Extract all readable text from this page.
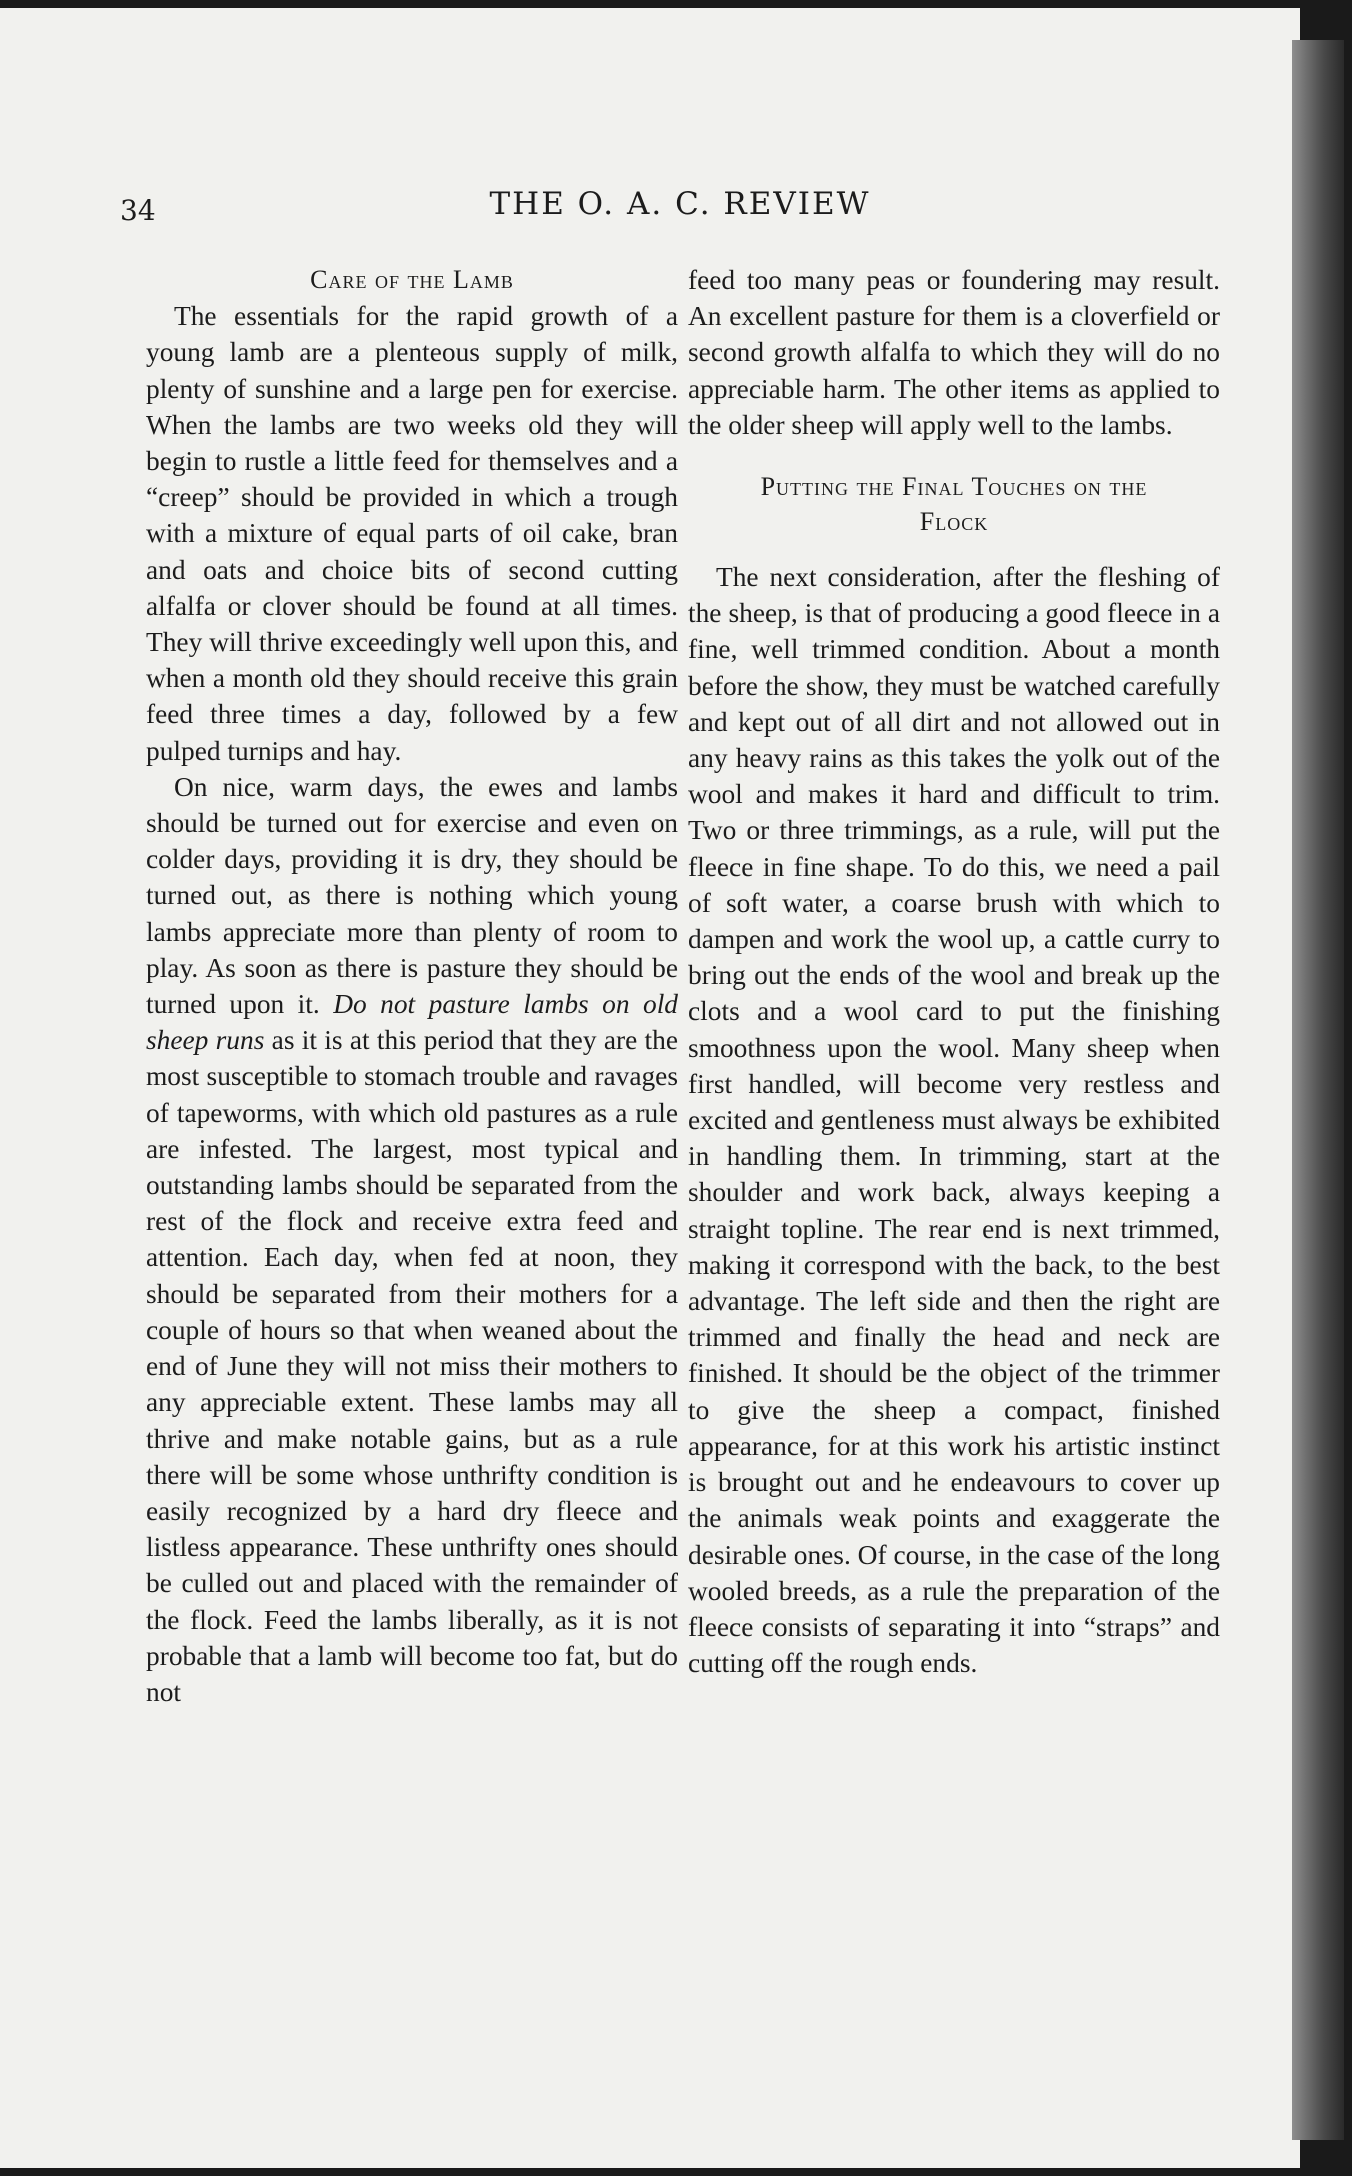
34	THE O. A. C. REVIEW
Care of the Lamb

The essentials for the rapid growth of a young lamb are a plenteous supply of milk, plenty of sunshine and a large pen for exercise. When the lambs are two weeks old they will begin to rustle a little feed for themselves and a “creep” should be provided in which a trough with a mixture of equal parts of oil cake, bran and oats and choice bits of second cutting alfalfa or clover should be found at all times. They will thrive exceedingly well upon this, and when a month old they should receive this grain feed three times a day, followed by a few pulped turnips and hay.

On nice, warm days, the ewes and lambs should be turned out for exercise and even on colder days, providing it is dry, they should be turned out, as there is nothing which young lambs appreciate more than plenty of room to play. As soon as there is pasture they should be turned upon it. Do not pasture lambs on old sheep runs as it is at this period that they are the most susceptible to stomach trouble and ravages of tapeworms, with which old pastures as a rule are infested. The largest, most typical and outstanding lambs should be separated from the rest of the flock and receive extra feed and attention. Each day, when fed at noon, they should be separated from their mothers for a couple of hours so that when weaned about the end of June they will not miss their mothers to any appreciable extent. These lambs may all thrive and make notable gains, but as a rule there will be some whose unthrifty condition is easily recognized by a hard dry fleece and listless appearance. These unthrifty ones should be culled out and placed with the remainder of the flock. Feed the lambs liberally, as it is not probable that a lamb will become too fat, but do not

feed too many peas or foundering may result. An excellent pasture for them is a cloverfield or second growth alfalfa to which they will do no appreciable harm. The other items as applied to the older sheep will apply well to the lambs.

Putting the Final Touches on the
Flock

The next consideration, after the fleshing of the sheep, is that of producing a good fleece in a fine, well trimmed condition. About a month before the show, they must be watched carefully and kept out of all dirt and not allowed out in any heavy rains as this takes the yolk out of the wool and makes it hard and difficult to trim. Two or three trimmings, as a rule, will put the fleece in fine shape. To do this, we need a pail of soft water, a coarse brush with which to dampen and work the wool up, a cattle curry to bring out the ends of the wool and break up the clots and a wool card to put the finishing smoothness upon the wool. Many sheep when first handled, will become very restless and excited and gentleness must always be exhibited in handling them. In trimming, start at the shoulder and work back, always keeping a straight topline. The rear end is next trimmed, making it correspond with the back, to the best advantage. The left side and then the right are trimmed and finally the head and neck are finished. It should be the object of the trimmer to give the sheep a compact, finished appearance, for at this work his artistic instinct is brought out and he endeavours to cover up the animals weak points and exaggerate the desirable ones. Of course, in the case of the long wooled breeds, as a rule the preparation of the fleece consists of separating it into “straps” and cutting off the rough ends.
